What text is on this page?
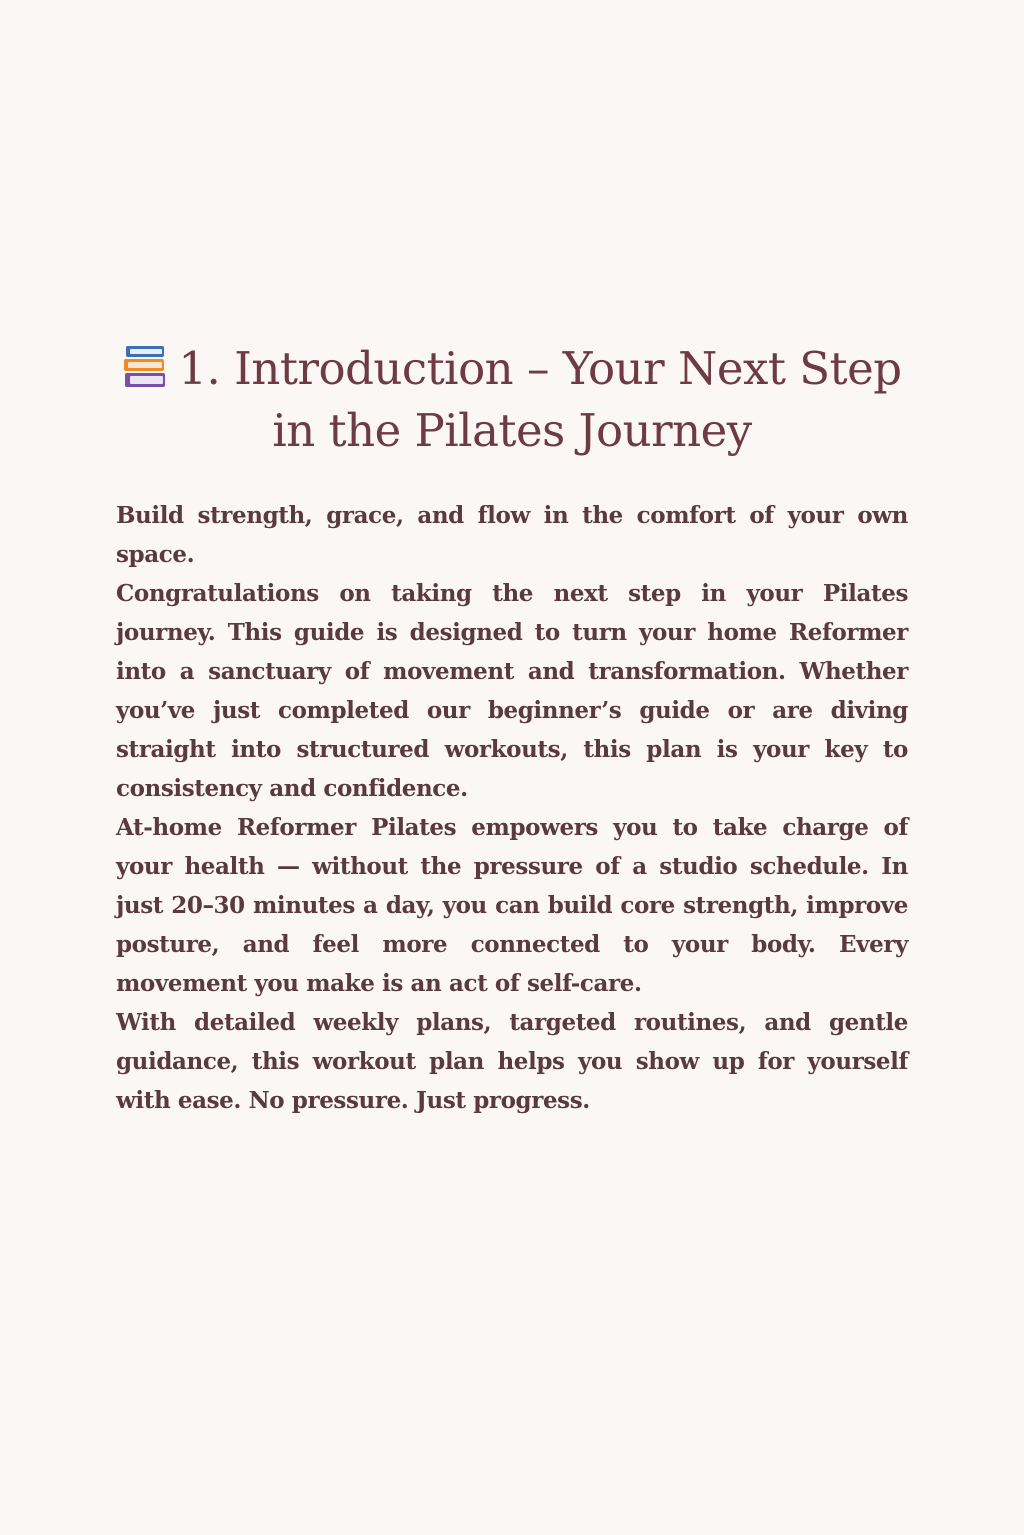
1. Introduction – Your Next Step in the Pilates Journey

Build strength, grace, and flow in the comfort of your own space.

Congratulations on taking the next step in your Pilates journey. This guide is designed to turn your home Reformer into a sanctuary of movement and transformation. Whether you’ve just completed our beginner’s guide or are diving straight into structured workouts, this plan is your key to consistency and confidence.

At-home Reformer Pilates empowers you to take charge of your health — without the pressure of a studio schedule. In just 20–30 minutes a day, you can build core strength, improve posture, and feel more connected to your body. Every movement you make is an act of self-care.

With detailed weekly plans, targeted routines, and gentle guidance, this workout plan helps you show up for yourself with ease. No pressure. Just progress.
